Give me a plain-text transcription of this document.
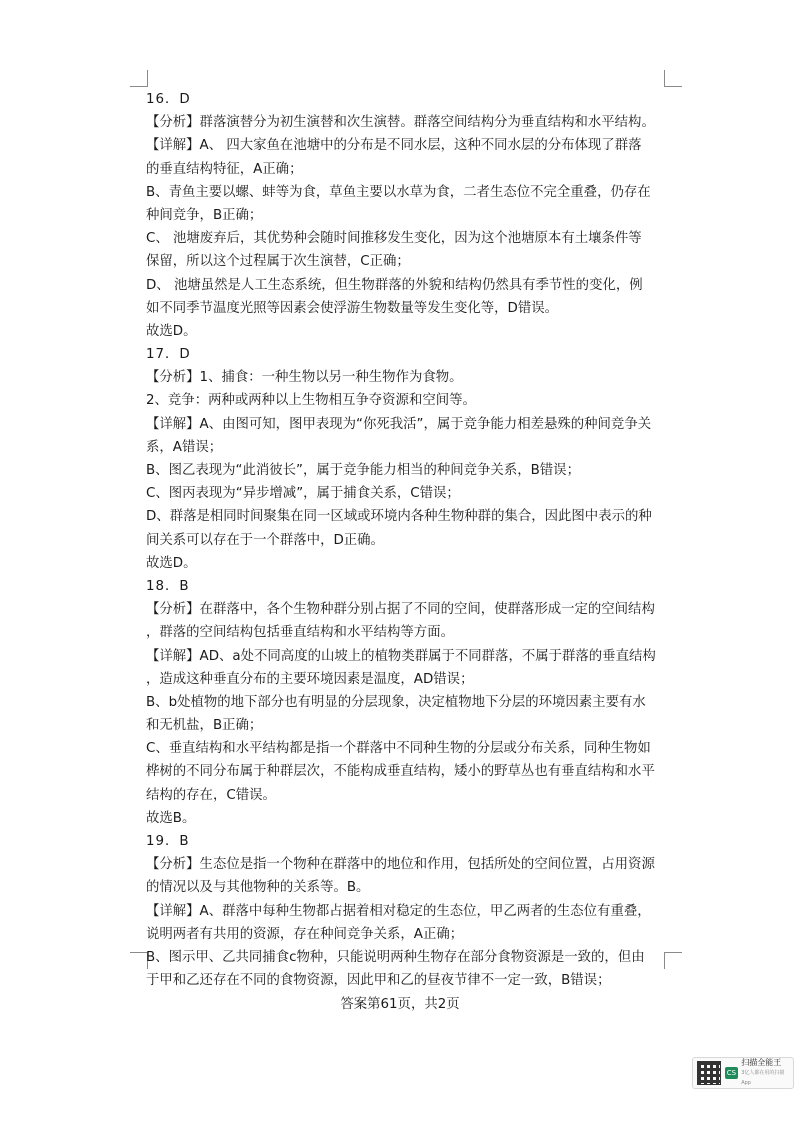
16．D
【分析】群落演替分为初生演替和次生演替。群落空间结构分为垂直结构和水平结构。
【详解】A、 四大家鱼在池塘中的分布是不同水层，这种不同水层的分布体现了群落
的垂直结构特征，A正确；
B、青鱼主要以螺、蚌等为食，草鱼主要以水草为食，二者生态位不完全重叠，仍存在
种间竞争，B正确；
C、 池塘废弃后，其优势种会随时间推移发生变化，因为这个池塘原本有土壤条件等
保留，所以这个过程属于次生演替，C正确；
D、 池塘虽然是人工生态系统，但生物群落的外貌和结构仍然具有季节性的变化，例
如不同季节温度光照等因素会使浮游生物数量等发生变化等，D错误。
故选D。
17．D
【分析】1、捕食：一种生物以另一种生物作为食物。
2、竞争：两种或两种以上生物相互争夺资源和空间等。
【详解】A、由图可知，图甲表现为“你死我活”，属于竞争能力相差悬殊的种间竞争关
系，A错误；
B、图乙表现为“此消彼长”，属于竞争能力相当的种间竞争关系，B错误；
C、图丙表现为“异步增减”，属于捕食关系，C错误；
D、群落是相同时间聚集在同一区域或环境内各种生物种群的集合，因此图中表示的种
间关系可以存在于一个群落中，D正确。
故选D。
18．B
【分析】在群落中，各个生物种群分别占据了不同的空间，使群落形成一定的空间结构
，群落的空间结构包括垂直结构和水平结构等方面。
【详解】AD、a处不同高度的山坡上的植物类群属于不同群落，不属于群落的垂直结构
，造成这种垂直分布的主要环境因素是温度，AD错误；
B、b处植物的地下部分也有明显的分层现象，决定植物地下分层的环境因素主要有水
和无机盐，B正确；
C、垂直结构和水平结构都是指一个群落中不同种生物的分层或分布关系，同种生物如
桦树的不同分布属于种群层次，不能构成垂直结构，矮小的野草丛也有垂直结构和水平
结构的存在，C错误。
故选B。
19．B
【分析】生态位是指一个物种在群落中的地位和作用，包括所处的空间位置，占用资源
的情况以及与其他物种的关系等。B。
【详解】A、群落中每种生物都占据着相对稳定的生态位，甲乙两者的生态位有重叠，
说明两者有共用的资源，存在种间竞争关系，A正确；
B、图示甲、乙共同捕食c物种，只能说明两种生物存在部分食物资源是一致的，但由
于甲和乙还存在不同的食物资源，因此甲和乙的昼夜节律不一定一致，B错误；
答案第61页，共2页
CS
扫描全能王
3亿人都在用的扫描App
